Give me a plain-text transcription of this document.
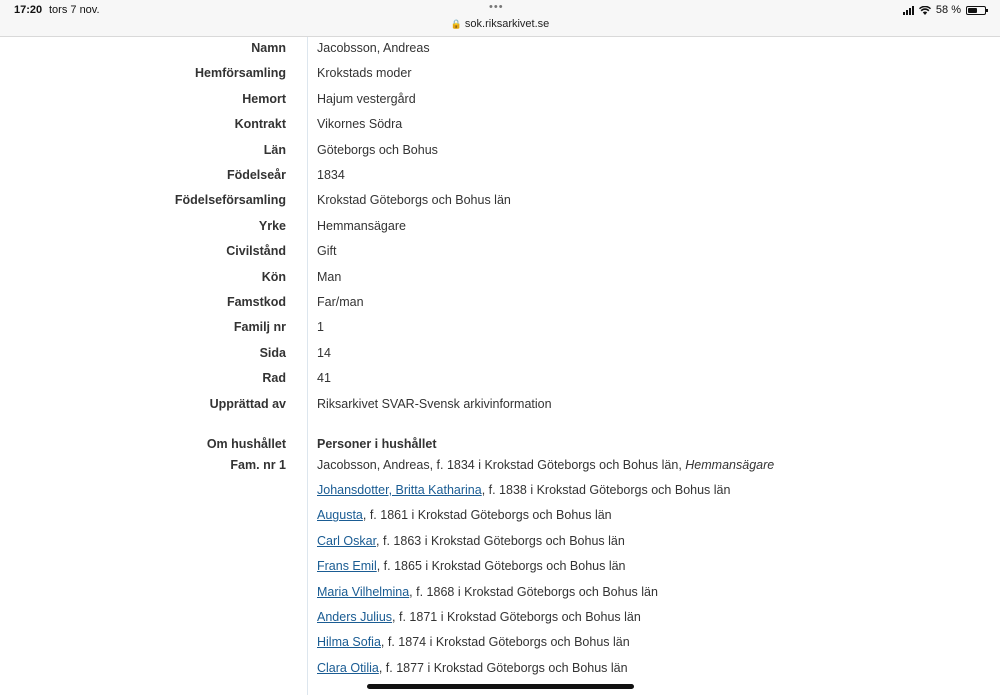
17:20 tors 7 nov.	•••
🔒 sok.riksarkivet.se
58 %
Namn Jacobsson, Andreas
Hemförsamling Krokstads moder
Hemort Hajum vestergård
Kontrakt Vikornes Södra
Län Göteborgs och Bohus
Födelseår 1834
Födelseförsamling Krokstad Göteborgs och Bohus län
Yrke Hemmansägare
Civilstånd Gift
Kön Man
Famstkod Far/man
Familj nr 1
Sida 14
Rad 41
Upprättad av Riksarkivet SVAR-Svensk arkivinformation
Om hushållet Personer i hushållet
Fam. nr 1 Jacobsson, Andreas, f. 1834 i Krokstad Göteborgs och Bohus län, Hemmansägare
Johansdotter, Britta Katharina, f. 1838 i Krokstad Göteborgs och Bohus län
Augusta, f. 1861 i Krokstad Göteborgs och Bohus län
Carl Oskar, f. 1863 i Krokstad Göteborgs och Bohus län
Frans Emil, f. 1865 i Krokstad Göteborgs och Bohus län
Maria Vilhelmina, f. 1868 i Krokstad Göteborgs och Bohus län
Anders Julius, f. 1871 i Krokstad Göteborgs och Bohus län
Hilma Sofia, f. 1874 i Krokstad Göteborgs och Bohus län
Clara Otilia, f. 1877 i Krokstad Göteborgs och Bohus län
